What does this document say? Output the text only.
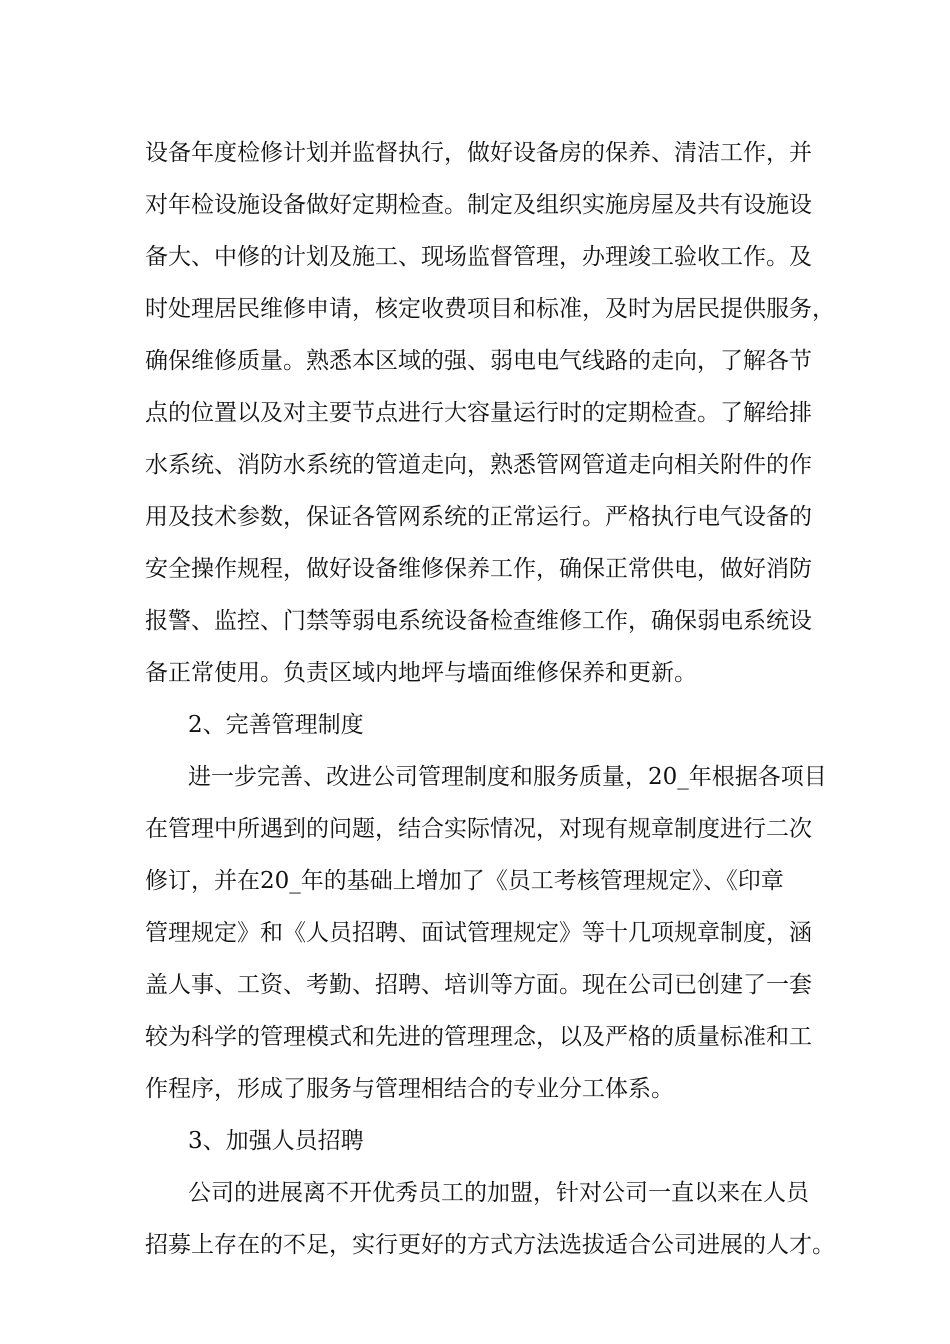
设备年度检修计划并监督执行，做好设备房的保养、清洁工作，并

对年检设施设备做好定期检查。制定及组织实施房屋及共有设施设

备大、中修的计划及施工、现场监督管理，办理竣工验收工作。及

时处理居民维修申请，核定收费项目和标准，及时为居民提供服务，

确保维修质量。熟悉本区域的强、弱电电气线路的走向，了解各节

点的位置以及对主要节点进行大容量运行时的定期检查。了解给排

水系统、消防水系统的管道走向，熟悉管网管道走向相关附件的作

用及技术参数，保证各管网系统的正常运行。严格执行电气设备的

安全操作规程，做好设备维修保养工作，确保正常供电，做好消防

报警、监控、门禁等弱电系统设备检查维修工作，确保弱电系统设

备正常使用。负责区域内地坪与墙面维修保养和更新。

2、完善管理制度

进一步完善、改进公司管理制度和服务质量，20_年根据各项目

在管理中所遇到的问题，结合实际情况，对现有规章制度进行二次

修订，并在20_年的基础上增加了《员工考核管理规定》、《印章

管理规定》和《人员招聘、面试管理规定》等十几项规章制度，涵

盖人事、工资、考勤、招聘、培训等方面。现在公司已创建了一套

较为科学的管理模式和先进的管理理念，以及严格的质量标准和工

作程序，形成了服务与管理相结合的专业分工体系。

3、加强人员招聘

公司的进展离不开优秀员工的加盟，针对公司一直以来在人员

招募上存在的不足，实行更好的方式方法选拔适合公司进展的人才。
